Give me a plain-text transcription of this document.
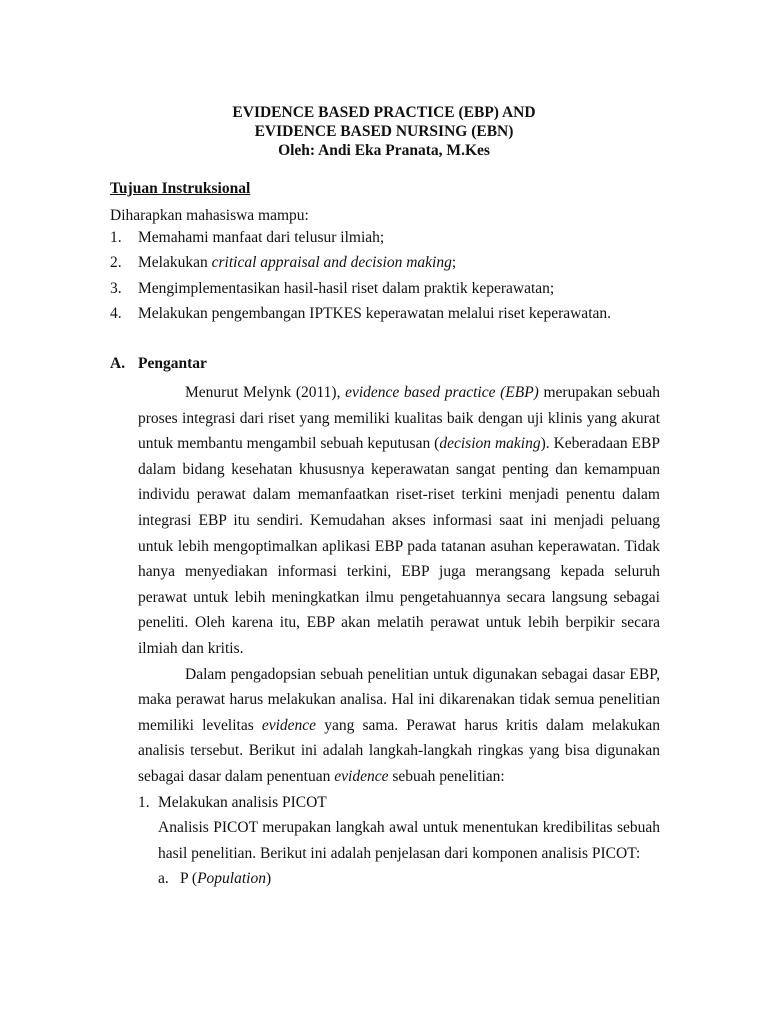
EVIDENCE BASED PRACTICE (EBP) AND
EVIDENCE BASED NURSING (EBN)
Oleh: Andi Eka Pranata, M.Kes
Tujuan Instruksional
Diharapkan mahasiswa mampu:
1. Memahami manfaat dari telusur ilmiah;
2. Melakukan critical appraisal and decision making;
3. Mengimplementasikan hasil-hasil riset dalam praktik keperawatan;
4. Melakukan pengembangan IPTKES keperawatan melalui riset keperawatan.
A. Pengantar

Menurut Melynk (2011), evidence based practice (EBP) merupakan sebuah proses integrasi dari riset yang memiliki kualitas baik dengan uji klinis yang akurat untuk membantu mengambil sebuah keputusan (decision making). Keberadaan EBP dalam bidang kesehatan khususnya keperawatan sangat penting dan kemampuan individu perawat dalam memanfaatkan riset-riset terkini menjadi penentu dalam integrasi EBP itu sendiri. Kemudahan akses informasi saat ini menjadi peluang untuk lebih mengoptimalkan aplikasi EBP pada tatanan asuhan keperawatan. Tidak hanya menyediakan informasi terkini, EBP juga merangsang kepada seluruh perawat untuk lebih meningkatkan ilmu pengetahuannya secara langsung sebagai peneliti. Oleh karena itu, EBP akan melatih perawat untuk lebih berpikir secara ilmiah dan kritis.

Dalam pengadopsian sebuah penelitian untuk digunakan sebagai dasar EBP, maka perawat harus melakukan analisa. Hal ini dikarenakan tidak semua penelitian memiliki levelitas evidence yang sama. Perawat harus kritis dalam melakukan analisis tersebut. Berikut ini adalah langkah-langkah ringkas yang bisa digunakan sebagai dasar dalam penentuan evidence sebuah penelitian:

1. Melakukan analisis PICOT
Analisis PICOT merupakan langkah awal untuk menentukan kredibilitas sebuah hasil penelitian. Berikut ini adalah penjelasan dari komponen analisis PICOT:
a. P (Population)
